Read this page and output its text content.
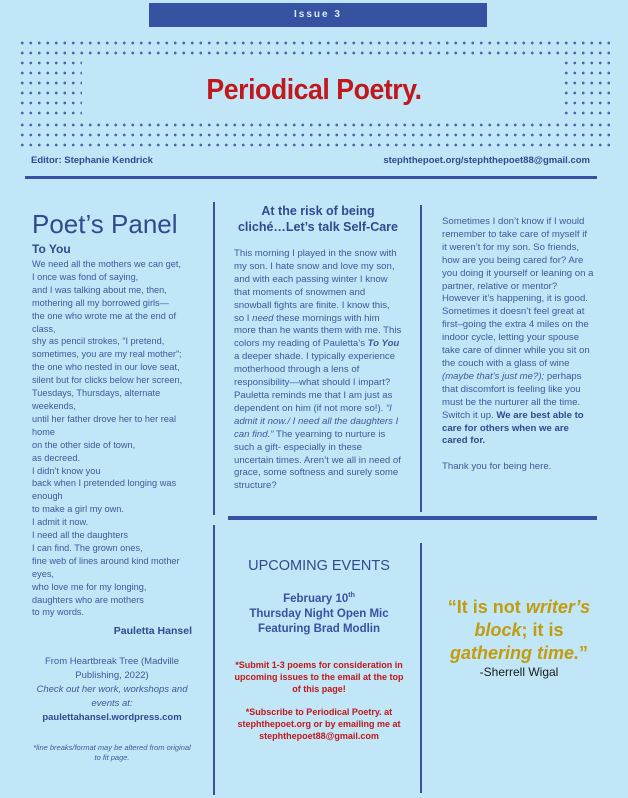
Issue 3
Periodical Poetry.
Editor: Stephanie Kendrick	stephthepoet.org/stephthepoet88@gmail.com
Poet’s Panel
To You
We need all the mothers we can get,
I once was fond of saying,
and I was talking about me, then,
mothering all my borrowed girls—
the one who wrote me at the end of class,
shy as pencil strokes, “I pretend, sometimes, you are my real mother”;
the one who nested in our love seat,
silent but for clicks below her screen,
Tuesdays, Thursdays, alternate weekends,
until her father drove her to her real home
on the other side of town,
as decreed.
I didn’t know you
back when I pretended longing was enough
to make a girl my own.
I admit it now.
I need all the daughters
I can find. The grown ones,
fine web of lines around kind mother eyes,
who love me for my longing,
daughters who are mothers
to my words.
Pauletta Hansel
From Heartbreak Tree (Madville Publishing, 2022)
Check out her work, workshops and events at:
paulettahansel.wordpress.com
*line breaks/format may be altered from original to fit page.
At the risk of being
cliché…Let’s talk Self-Care
This morning I played in the snow with my son. I hate snow and love my son, and with each passing winter I know that moments of snowmen and snowball fights are finite. I know this, so I need these mornings with him more than he wants them with me. This colors my reading of Pauletta’s To You a deeper shade. I typically experience motherhood through a lens of responsibility—what should I impart? Pauletta reminds me that I am just as dependent on him (if not more so!). “I admit it now./ I need all the daughters I can find.” The yearning to nurture is such a gift- especially in these uncertain times. Aren’t we all in need of grace, some softness and surely some structure?
Sometimes I don’t know if I would remember to take care of myself if it weren’t for my son. So friends, how are you being cared for? Are you doing it yourself or leaning on a partner, relative or mentor? However it’s happening, it is good. Sometimes it doesn’t feel great at first–going the extra 4 miles on the indoor cycle, letting your spouse take care of dinner while you sit on the couch with a glass of wine (maybe that’s just me?); perhaps that discomfort is feeling like you must be the nurturer all the time. Switch it up. We are best able to care for others when we are cared for.
Thank you for being here.
UPCOMING EVENTS
February 10th
Thursday Night Open Mic
Featuring Brad Modlin
*Submit 1-3 poems for consideration in upcoming issues to the email at the top of this page!
*Subscribe to Periodical Poetry. at stephthepoet.org or by emailing me at stephthepoet88@gmail.com
“It is not writer’s block; it is gathering time.”
-Sherrell Wigal
